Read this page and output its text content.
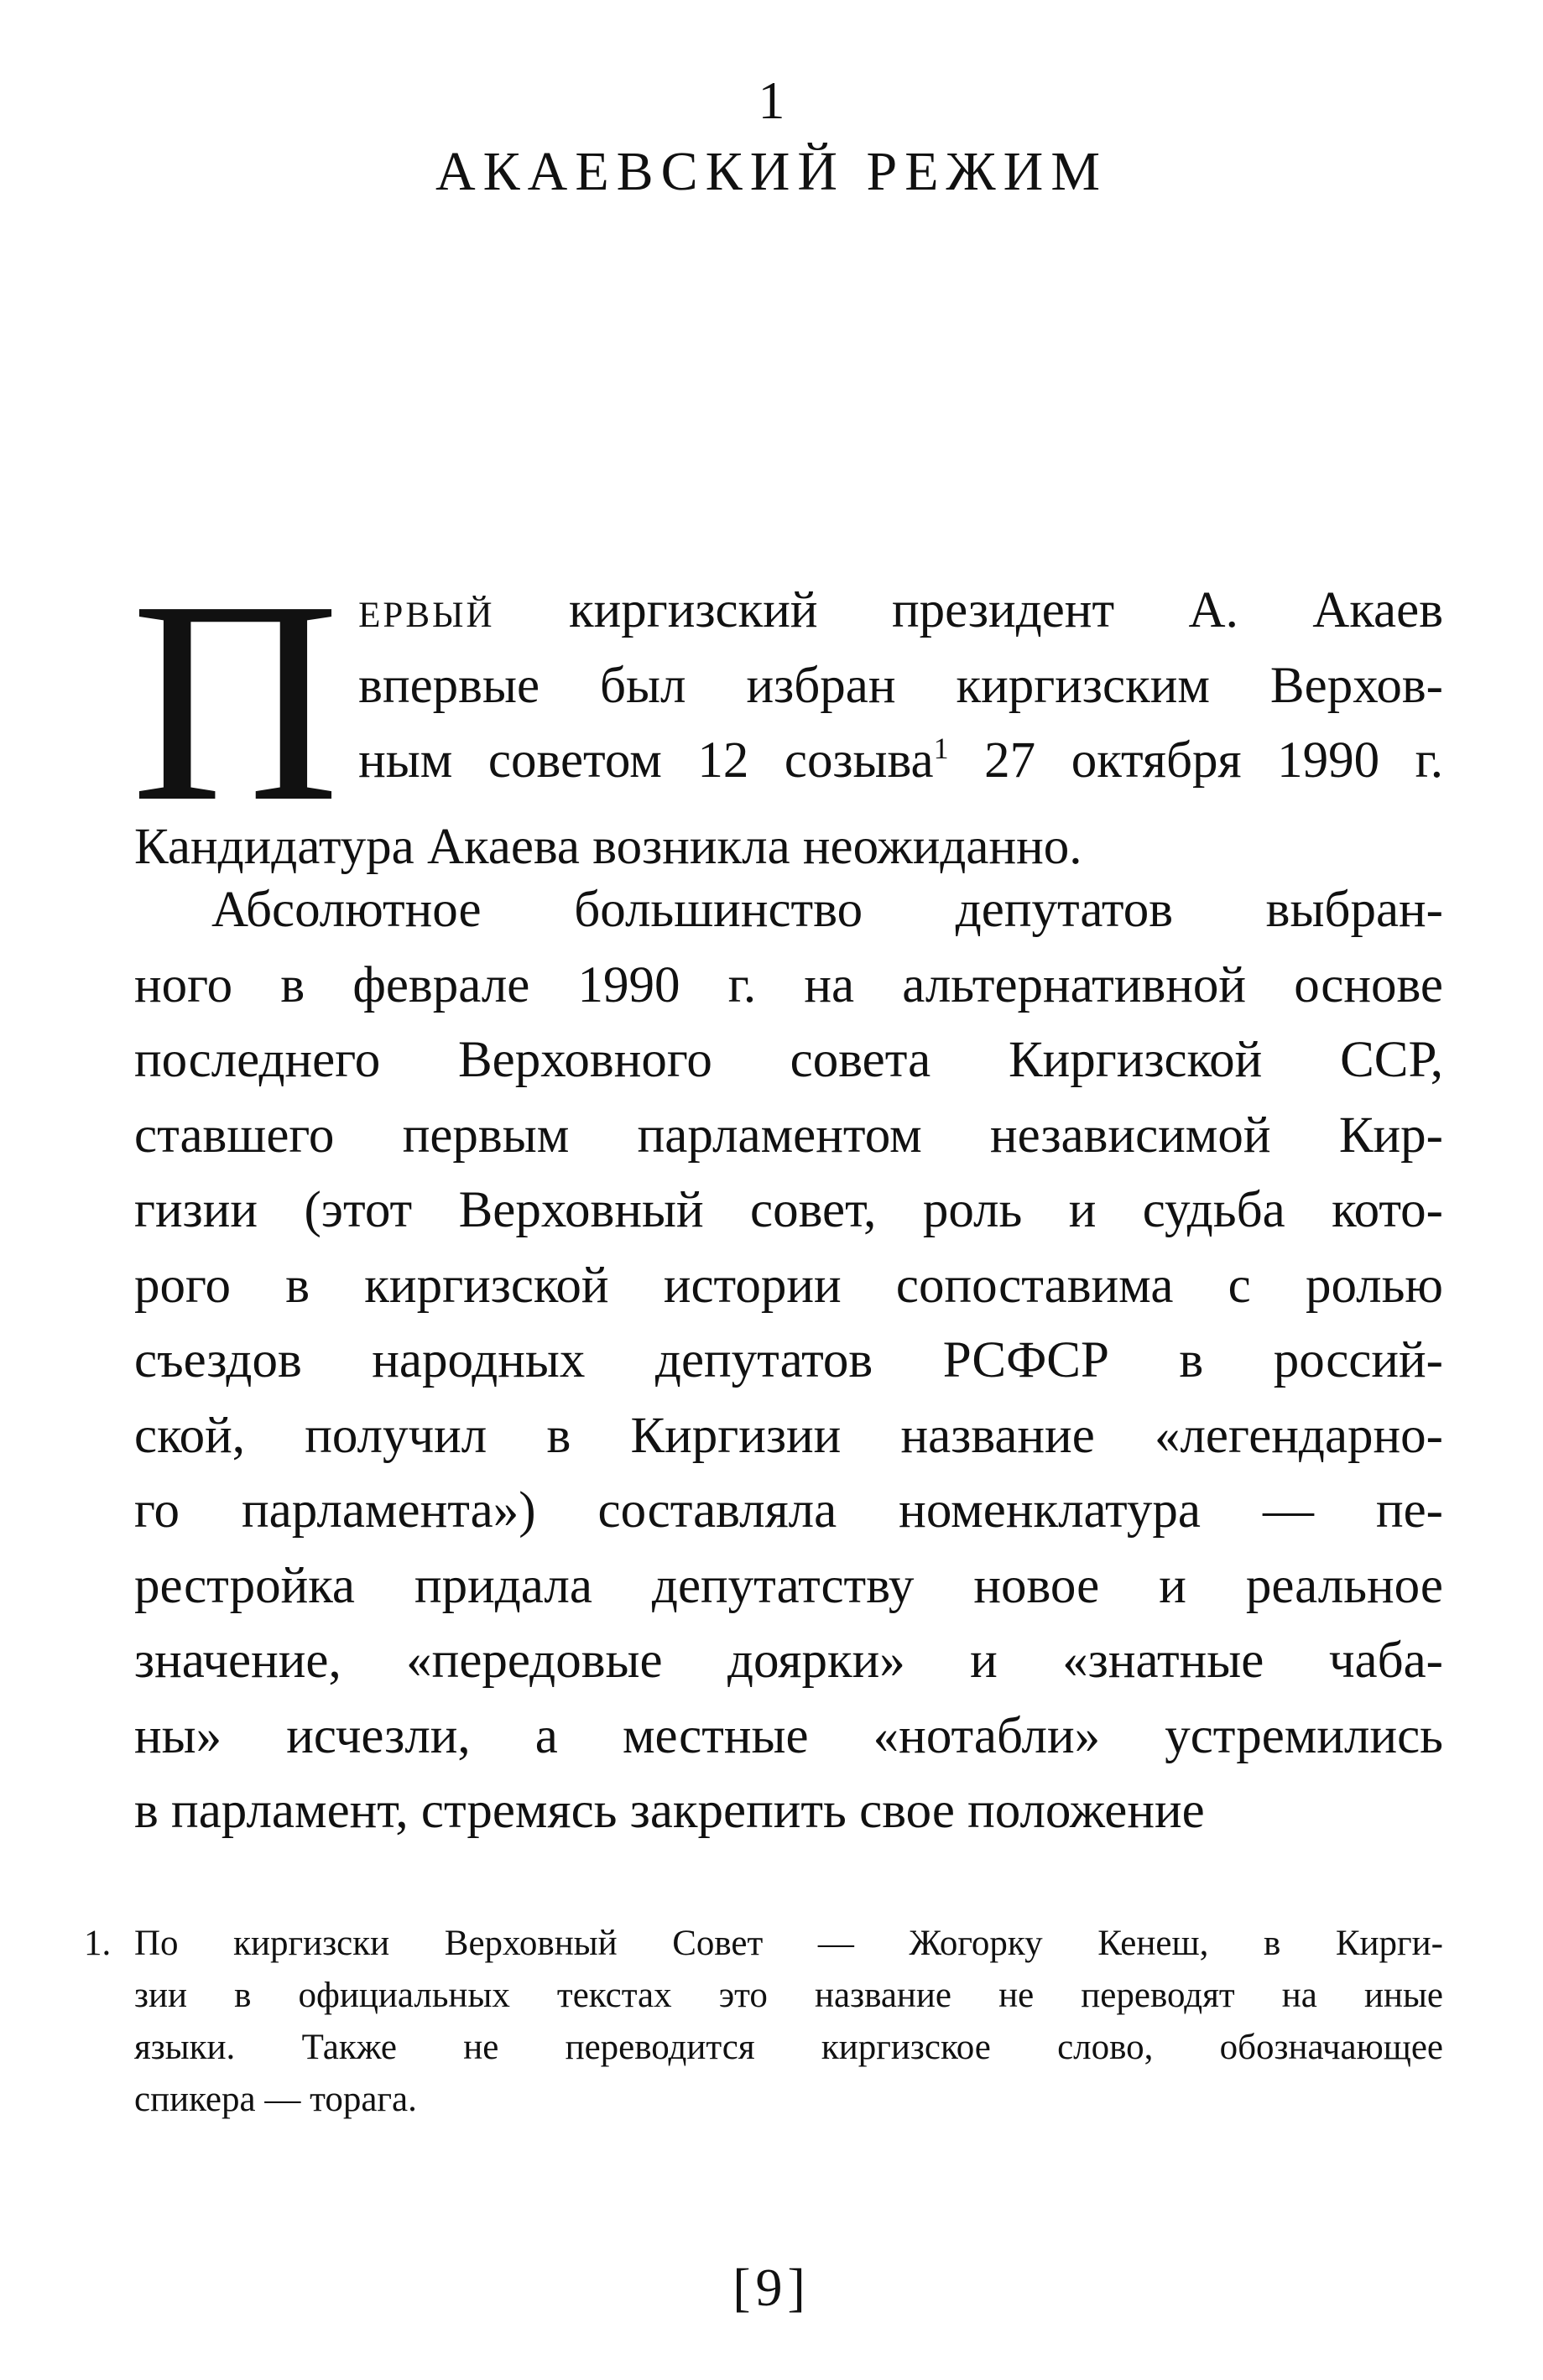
1
АКАЕВСКИЙ РЕЖИМ
П ервый киргизский президент А. Акаев
впервые был избран киргизским Верхов-
ным советом 12 созыва$^1$ 27 октября 1990 г.
Кандидатура Акаева возникла неожиданно.
Абсолютное большинство депутатов выбран-
ного в феврале 1990 г. на альтернативной основе
последнего Верховного совета Киргизской ССР,
ставшего первым парламентом независимой Кир-
гизии (этот Верховный совет, роль и судьба кото-
рого в киргизской истории сопоставима с ролью
съездов народных депутатов РСФСР в россий-
ской, получил в Киргизии название «легендарно-
го парламента») составляла номенклатура — пе-
рестройка придала депутатству новое и реальное
значение, «передовые доярки» и «знатные чаба-
ны» исчезли, а местные «нотабли» устремились
в парламент, стремясь закрепить свое положение
1. По киргизски Верховный Совет — Жогорку Кенеш, в Кирги-
зии в официальных текстах это название не переводят на иные
языки. Также не переводится киргизское слово, обозначающее
спикера — торага.
[9]
